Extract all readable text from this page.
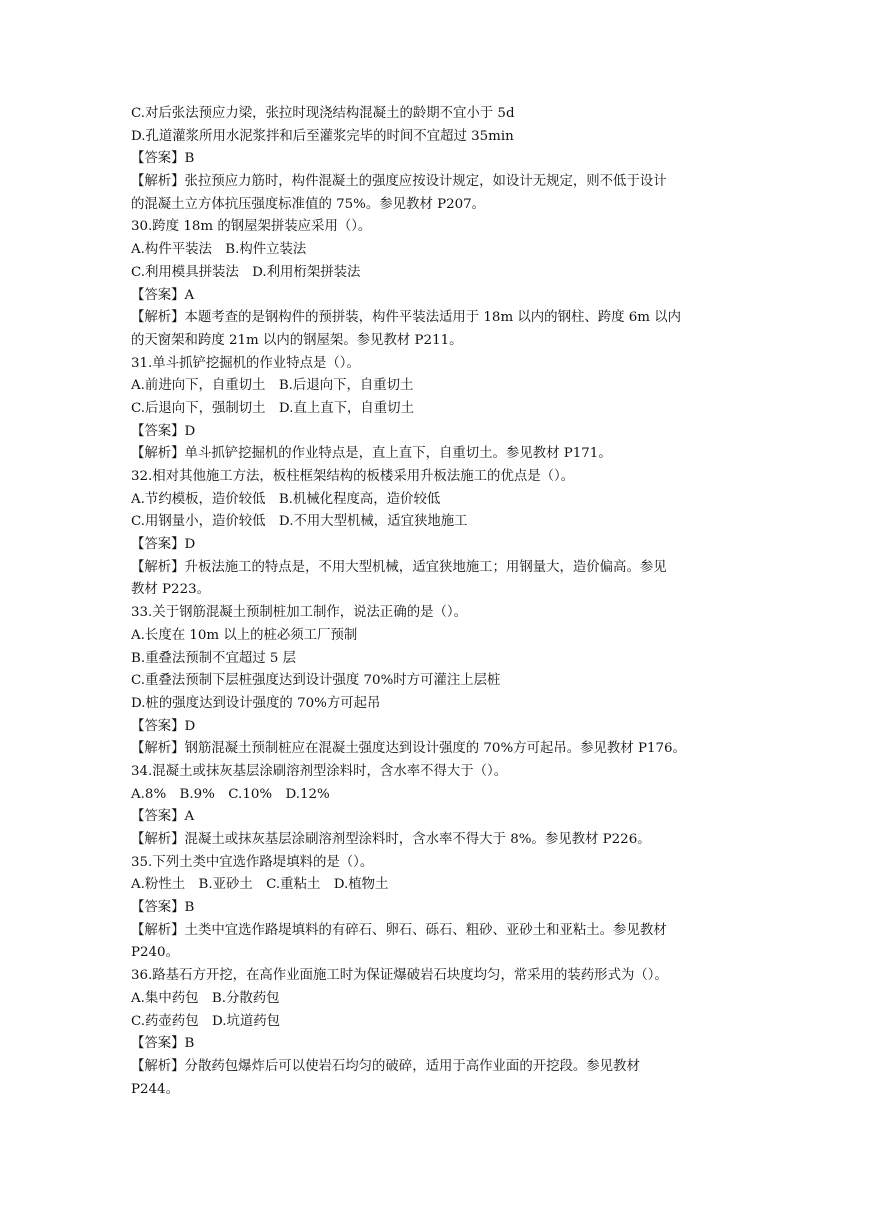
C.对后张法预应力梁，张拉时现浇结构混凝土的龄期不宜小于 5d
D.孔道灌浆所用水泥浆拌和后至灌浆完毕的时间不宜超过 35min
【答案】B
【解析】张拉预应力筋时，构件混凝土的强度应按设计规定，如设计无规定，则不低于设计
的混凝土立方体抗压强度标准值的 75%。参见教材 P207。
30.跨度 18m 的钢屋架拼装应采用（）。
A.构件平装法　B.构件立装法
C.利用模具拼装法　D.利用桁架拼装法
【答案】A
【解析】本题考查的是钢构件的预拼装，构件平装法适用于 18m 以内的钢柱、跨度 6m 以内
的天窗架和跨度 21m 以内的钢屋架。参见教材 P211。
31.单斗抓铲挖掘机的作业特点是（）。
A.前进向下，自重切土　B.后退向下，自重切土
C.后退向下，强制切土　D.直上直下，自重切土
【答案】D
【解析】单斗抓铲挖掘机的作业特点是，直上直下，自重切土。参见教材 P171。
32.相对其他施工方法，板柱框架结构的板楼采用升板法施工的优点是（）。
A.节约模板，造价较低　B.机械化程度高，造价较低
C.用钢量小，造价较低　D.不用大型机械，适宜狭地施工
【答案】D
【解析】升板法施工的特点是，不用大型机械，适宜狭地施工；用钢量大，造价偏高。参见
教材 P223。
33.关于钢筋混凝土预制桩加工制作，说法正确的是（）。
A.长度在 10m 以上的桩必须工厂预制
B.重叠法预制不宜超过 5 层
C.重叠法预制下层桩强度达到设计强度 70%时方可灌注上层桩
D.桩的强度达到设计强度的 70%方可起吊
【答案】D
【解析】钢筋混凝土预制桩应在混凝土强度达到设计强度的 70%方可起吊。参见教材 P176。
34.混凝土或抹灰基层涂刷溶剂型涂料时，含水率不得大于（）。
A.8%　B.9%　C.10%　D.12%
【答案】A
【解析】混凝土或抹灰基层涂刷溶剂型涂料时，含水率不得大于 8%。参见教材 P226。
35.下列土类中宜选作路堤填料的是（）。
A.粉性土　B.亚砂土　C.重粘土　D.植物土
【答案】B
【解析】土类中宜选作路堤填料的有碎石、卵石、砾石、粗砂、亚砂土和亚粘土。参见教材
P240。
36.路基石方开挖，在高作业面施工时为保证爆破岩石块度均匀，常采用的装药形式为（）。
A.集中药包　B.分散药包
C.药壶药包　D.坑道药包
【答案】B
【解析】分散药包爆炸后可以使岩石均匀的破碎，适用于高作业面的开挖段。参见教材
P244。
